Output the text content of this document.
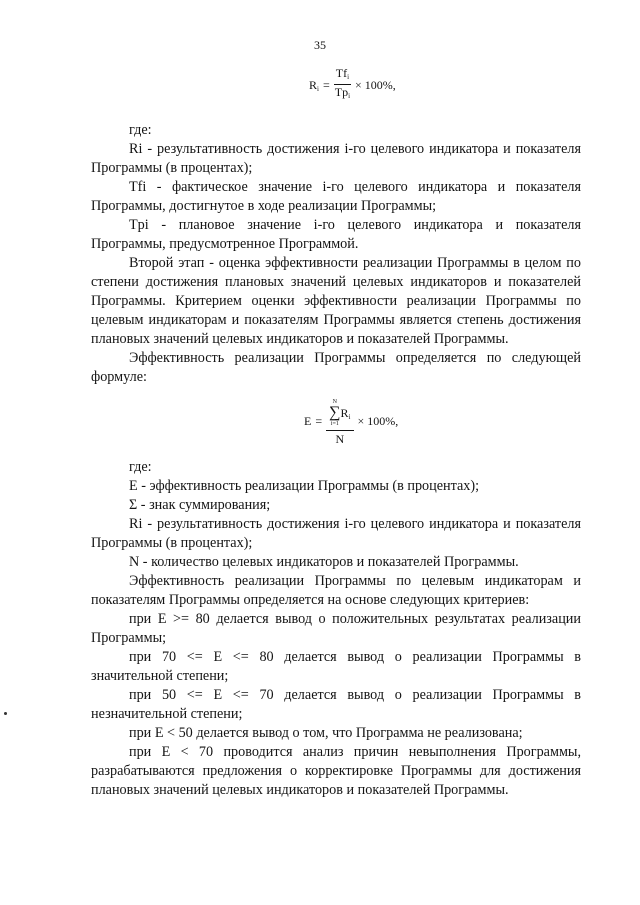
35
$R_i = \frac{Tf_i}{Tp_i} \times 100\%$,

где:

Ri - результативность достижения i-го целевого индикатора и показателя Программы (в процентах);

Tfi - фактическое значение i-го целевого индикатора и показателя Программы, достигнутое в ходе реализации Программы;

Tpi - плановое значение i-го целевого индикатора и показателя Программы, предусмотренное Программой.

Второй этап - оценка эффективности реализации Программы в целом по степени достижения плановых значений целевых индикаторов и показателей Программы. Критерием оценки эффективности реализации Программы по целевым индикаторам и показателям Программы является степень достижения плановых значений целевых индикаторов и показателей Программы.

Эффективность реализации Программы определяется по следующей формуле:

E = N
∑
i=1
$R_i$
N × 100%,

где:

E - эффективность реализации Программы (в процентах);

Σ - знак суммирования;

Ri - результативность достижения i-го целевого индикатора и показателя Программы (в процентах);

N - количество целевых индикаторов и показателей Программы.

Эффективность реализации Программы по целевым индикаторам и показателям Программы определяется на основе следующих критериев:

при E >= 80 делается вывод о положительных результатах реализации Программы;

при 70 <= E <= 80 делается вывод о реализации Программы в значительной степени;

при 50 <= E <= 70 делается вывод о реализации Программы в незначительной степени;

при E < 50 делается вывод о том, что Программа не реализована;

при E < 70 проводится анализ причин невыполнения Программы, разрабатываются предложения о корректировке Программы для достижения плановых значений целевых индикаторов и показателей Программы.
